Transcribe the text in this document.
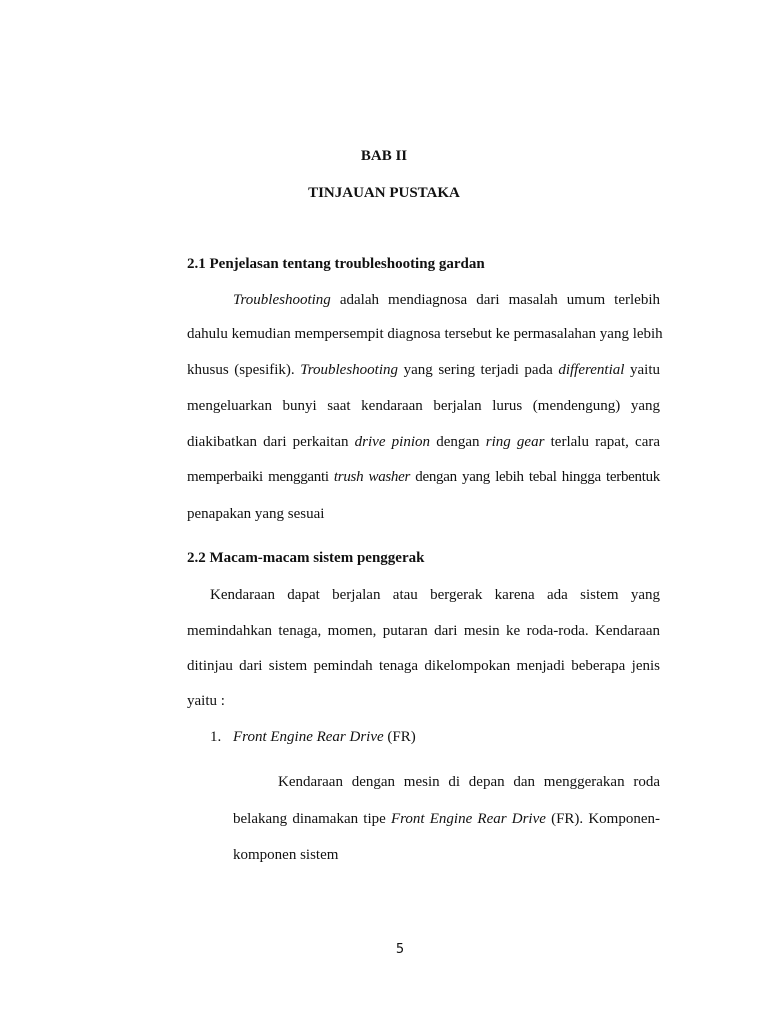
BAB II
TINJAUAN PUSTAKA
2.1 Penjelasan tentang troubleshooting gardan
Troubleshooting adalah mendiagnosa dari masalah umum terlebih
dahulu kemudian mempersempit diagnosa tersebut ke permasalahan yang lebih
khusus (spesifik). Troubleshooting yang sering terjadi pada differential yaitu
mengeluarkan bunyi saat kendaraan berjalan lurus (mendengung) yang
diakibatkan dari perkaitan drive pinion dengan ring gear terlalu rapat, cara
memperbaiki mengganti trush washer dengan yang lebih tebal hingga terbentuk
penapakan yang sesuai
2.2 Macam-macam sistem penggerak
Kendaraan dapat berjalan atau bergerak karena ada sistem yang
memindahkan tenaga, momen, putaran dari mesin ke roda-roda. Kendaraan
ditinjau dari sistem pemindah tenaga dikelompokan menjadi beberapa jenis
yaitu :
1. Front Engine Rear Drive (FR)
Kendaraan dengan mesin di depan dan menggerakan roda
belakang dinamakan tipe Front Engine Rear Drive (FR). Komponen-
komponen sistem
5
